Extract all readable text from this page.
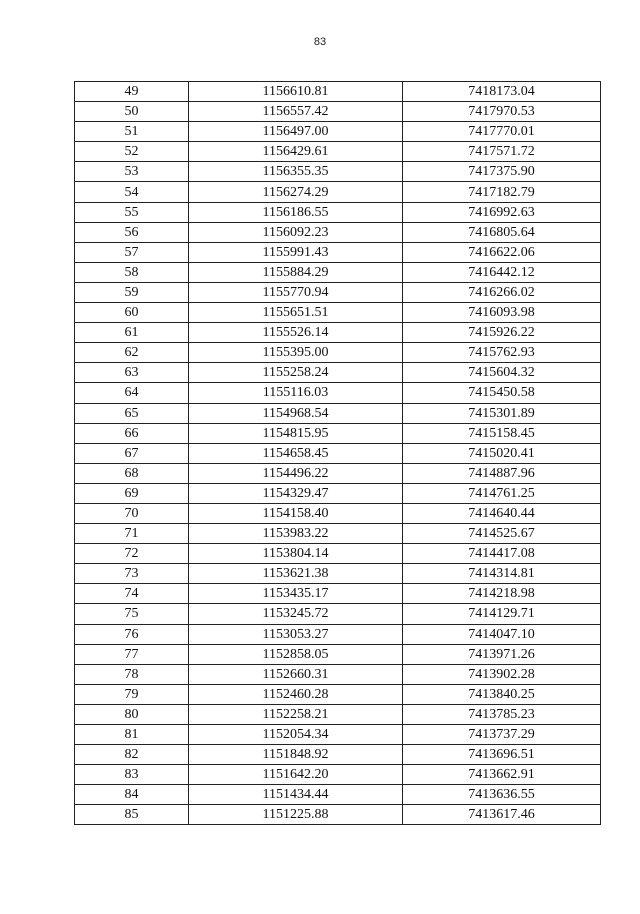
83
49	1156610.81	7418173.04
50	1156557.42	7417970.53
51	1156497.00	7417770.01
52	1156429.61	7417571.72
53	1156355.35	7417375.90
54	1156274.29	7417182.79
55	1156186.55	7416992.63
56	1156092.23	7416805.64
57	1155991.43	7416622.06
58	1155884.29	7416442.12
59	1155770.94	7416266.02
60	1155651.51	7416093.98
61	1155526.14	7415926.22
62	1155395.00	7415762.93
63	1155258.24	7415604.32
64	1155116.03	7415450.58
65	1154968.54	7415301.89
66	1154815.95	7415158.45
67	1154658.45	7415020.41
68	1154496.22	7414887.96
69	1154329.47	7414761.25
70	1154158.40	7414640.44
71	1153983.22	7414525.67
72	1153804.14	7414417.08
73	1153621.38	7414314.81
74	1153435.17	7414218.98
75	1153245.72	7414129.71
76	1153053.27	7414047.10
77	1152858.05	7413971.26
78	1152660.31	7413902.28
79	1152460.28	7413840.25
80	1152258.21	7413785.23
81	1152054.34	7413737.29
82	1151848.92	7413696.51
83	1151642.20	7413662.91
84	1151434.44	7413636.55
85	1151225.88	7413617.46
